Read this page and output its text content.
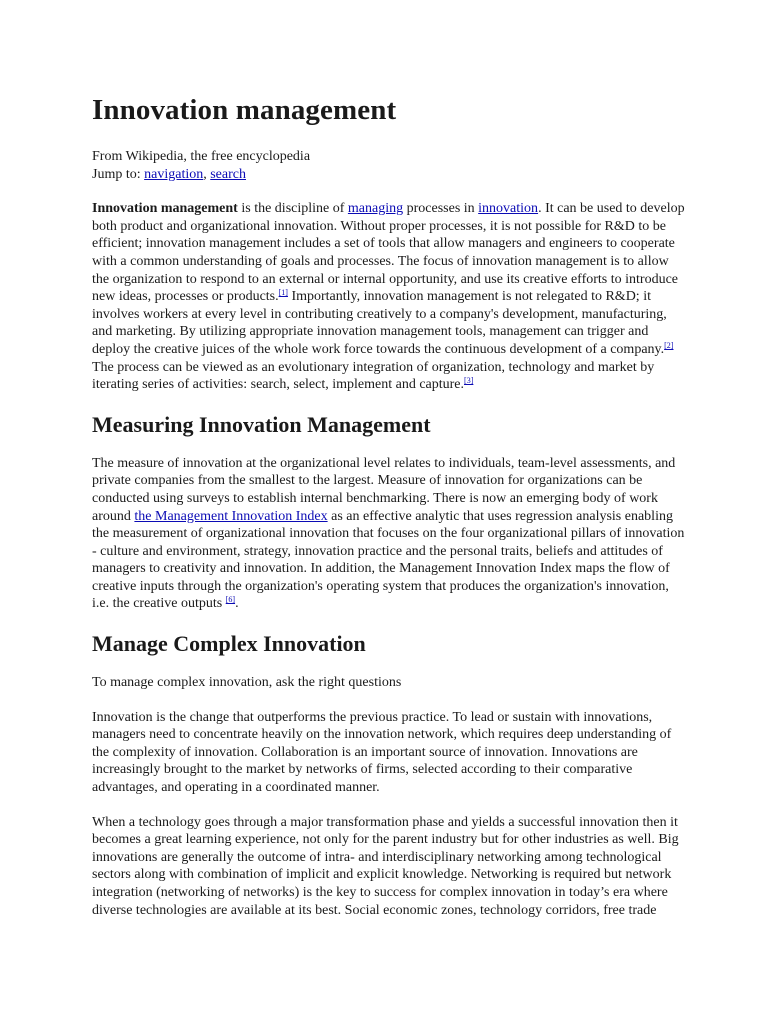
Innovation management
From Wikipedia, the free encyclopedia
Jump to: navigation, search

Innovation management is the discipline of managing processes in innovation. It can be used to develop both product and organizational innovation. Without proper processes, it is not possible for R&D to be efficient; innovation management includes a set of tools that allow managers and engineers to cooperate with a common understanding of goals and processes. The focus of innovation management is to allow the organization to respond to an external or internal opportunity, and use its creative efforts to introduce new ideas, processes or products.[1] Importantly, innovation management is not relegated to R&D; it involves workers at every level in contributing creatively to a company's development, manufacturing, and marketing. By utilizing appropriate innovation management tools, management can trigger and deploy the creative juices of the whole work force towards the continuous development of a company.[2] The process can be viewed as an evolutionary integration of organization, technology and market by iterating series of activities: search, select, implement and capture.[3]

Measuring Innovation Management

The measure of innovation at the organizational level relates to individuals, team-level assessments, and private companies from the smallest to the largest. Measure of innovation for organizations can be conducted using surveys to establish internal benchmarking. There is now an emerging body of work around the Management Innovation Index as an effective analytic that uses regression analysis enabling the measurement of organizational innovation that focuses on the four organizational pillars of innovation - culture and environment, strategy, innovation practice and the personal traits, beliefs and attitudes of managers to creativity and innovation. In addition, the Management Innovation Index maps the flow of creative inputs through the organization's operating system that produces the organization's innovation, i.e. the creative outputs [6].

Manage Complex Innovation

To manage complex innovation, ask the right questions

Innovation is the change that outperforms the previous practice. To lead or sustain with innovations, managers need to concentrate heavily on the innovation network, which requires deep understanding of the complexity of innovation. Collaboration is an important source of innovation. Innovations are increasingly brought to the market by networks of firms, selected according to their comparative advantages, and operating in a coordinated manner.

When a technology goes through a major transformation phase and yields a successful innovation then it becomes a great learning experience, not only for the parent industry but for other industries as well. Big innovations are generally the outcome of intra- and interdisciplinary networking among technological sectors along with combination of implicit and explicit knowledge. Networking is required but network integration (networking of networks) is the key to success for complex innovation in today’s era where diverse technologies are available at its best. Social economic zones, technology corridors, free trade
